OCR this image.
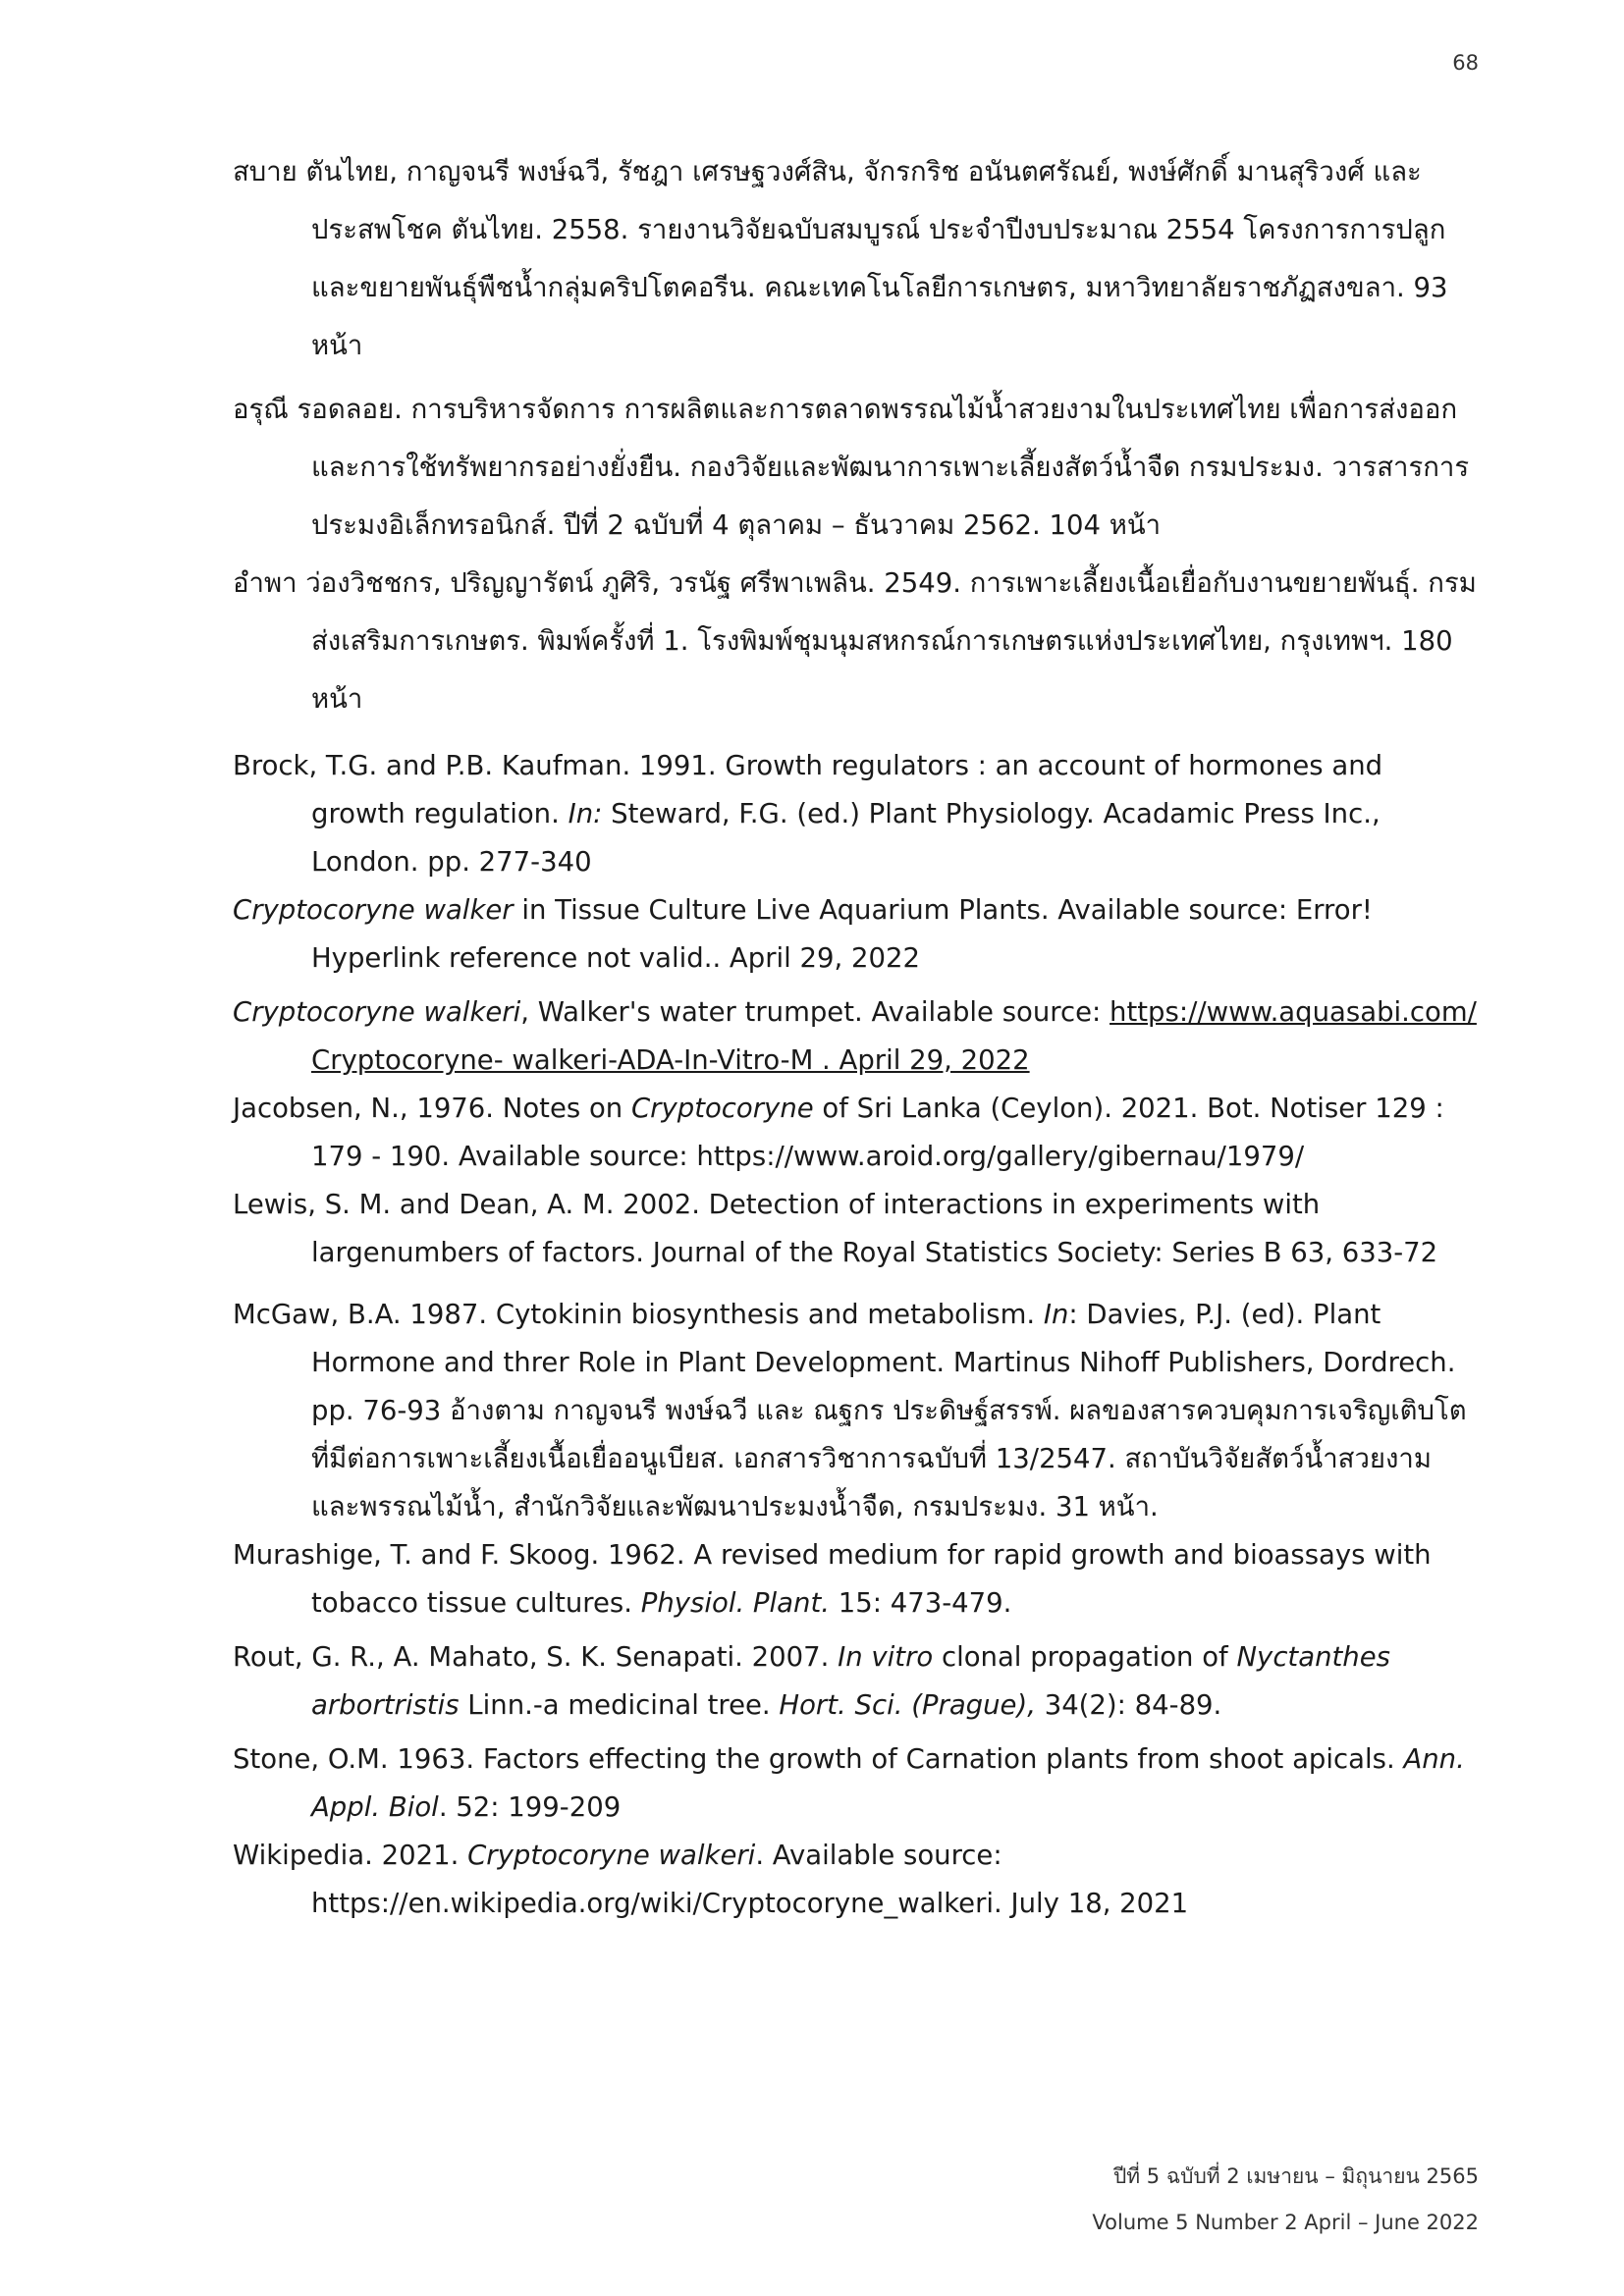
68
สบาย ตันไทย, กาญจนรี พงษ์ฉวี, รัชฎา เศรษฐวงศ์สิน, จักรกริช อนันตศรัณย์, พงษ์ศักดิ์ มานสุริวงศ์ และ ประสพโชค ตันไทย. 2558. รายงานวิจัยฉบับสมบูรณ์ ประจำปีงบประมาณ 2554 โครงการการปลูกและขยายพันธุ์พืชน้ำกลุ่มคริปโตคอรีน. คณะเทคโนโลยีการเกษตร, มหาวิทยาลัยราชภัฏสงขลา. 93 หน้า
อรุณี รอดลอย. การบริหารจัดการ การผลิตและการตลาดพรรณไม้น้ำสวยงามในประเทศไทย เพื่อการส่งออกและการใช้ทรัพยากรอย่างยั่งยืน. กองวิจัยและพัฒนาการเพาะเลี้ยงสัตว์น้ำจืด กรมประมง. วารสารการประมงอิเล็กทรอนิกส์. ปีที่ 2 ฉบับที่ 4 ตุลาคม – ธันวาคม 2562. 104 หน้า
อำพา ว่องวิชชกร, ปริญญารัตน์ ภูศิริ, วรนัฐ ศรีพาเพลิน. 2549. การเพาะเลี้ยงเนื้อเยื่อกับงานขยายพันธุ์. กรมส่งเสริมการเกษตร. พิมพ์ครั้งที่ 1. โรงพิมพ์ชุมนุมสหกรณ์การเกษตรแห่งประเทศไทย, กรุงเทพฯ. 180 หน้า
Brock, T.G. and P.B. Kaufman. 1991. Growth regulators : an account of hormones and growth regulation. In: Steward, F.G. (ed.) Plant Physiology. Acadamic Press Inc., London. pp. 277-340
Cryptocoryne walker in Tissue Culture Live Aquarium Plants. Available source: Error! Hyperlink reference not valid.. April 29, 2022
Cryptocoryne walkeri, Walker's water trumpet. Available source: https://www.aquasabi.com/ Cryptocoryne- walkeri-ADA-In-Vitro-M . April 29, 2022
Jacobsen, N., 1976. Notes on Cryptocoryne of Sri Lanka (Ceylon). 2021. Bot. Notiser 129 : 179 - 190. Available source: https://www.aroid.org/gallery/gibernau/1979/
Lewis, S. M. and Dean, A. M. 2002. Detection of interactions in experiments with largenumbers of factors. Journal of the Royal Statistics Society: Series B 63, 633-72
McGaw, B.A. 1987. Cytokinin biosynthesis and metabolism. In: Davies, P.J. (ed). Plant Hormone and threr Role in Plant Development. Martinus Nihoff Publishers, Dordrech. pp. 76-93 อ้างตาม กาญจนรี พงษ์ฉวี และ ณฐกร ประดิษฐ์สรรพ์. ผลของสารควบคุมการเจริญเติบโตที่มีต่อการเพาะเลี้ยงเนื้อเยื่ออนูเบียส. เอกสารวิชาการฉบับที่ 13/2547. สถาบันวิจัยสัตว์น้ำสวยงามและพรรณไม้น้ำ, สำนักวิจัยและพัฒนาประมงน้ำจืด, กรมประมง. 31 หน้า.
Murashige, T. and F. Skoog. 1962. A revised medium for rapid growth and bioassays with tobacco tissue cultures. Physiol. Plant. 15: 473-479.
Rout, G. R., A. Mahato, S. K. Senapati. 2007. In vitro clonal propagation of Nyctanthes arbortristis Linn.-a medicinal tree. Hort. Sci. (Prague), 34(2): 84-89.
Stone, O.M. 1963. Factors effecting the growth of Carnation plants from shoot apicals. Ann. Appl. Biol. 52: 199-209
Wikipedia. 2021. Cryptocoryne walkeri. Available source: https://en.wikipedia.org/wiki/Cryptocoryne_walkeri. July 18, 2021
ปีที่ 5 ฉบับที่ 2 เมษายน – มิถุนายน 2565
Volume 5 Number 2 April – June 2022
